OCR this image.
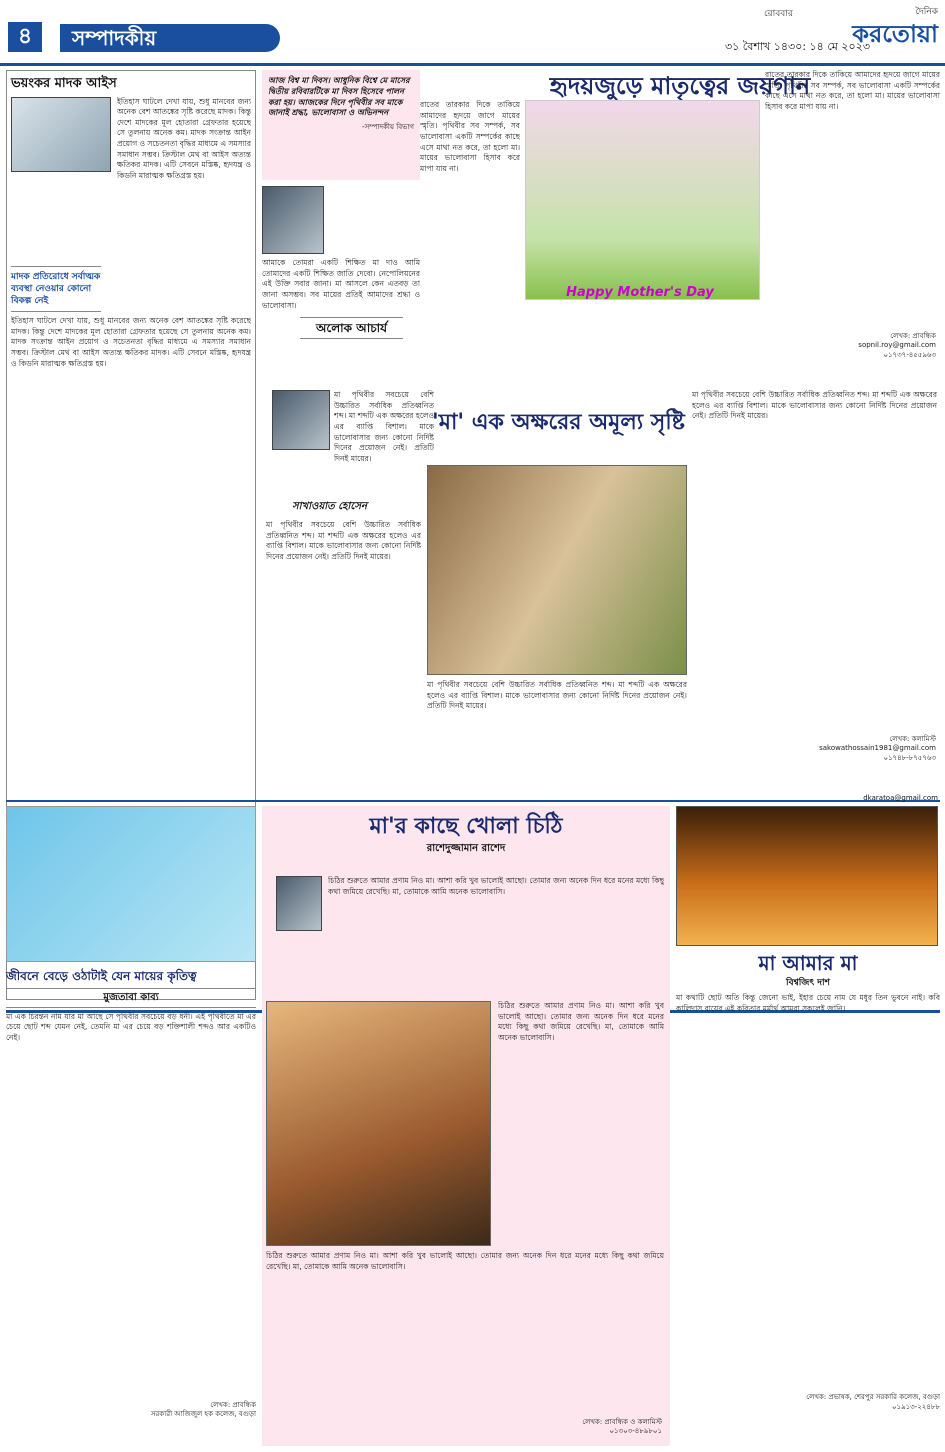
৪	সম্পাদকীয়
রোববার
৩১ বৈশাখ ১৪৩০: ১৪ মে ২০২৩
দৈনিক
করতোয়া
ভয়ংকর মাদক আইস
ইতিহাস ঘাটলে দেখা যায়, শুধু মানবের জন্য অনেক বেশ আতঙ্কের সৃষ্টি করেছে মাদক। কিন্তু দেশে মাদকের মূল হোতারা গ্রেফতার হয়েছে সে তুলনায় অনেক কম। মাদক সংক্রান্ত আইন প্রয়োগ ও সচেতনতা বৃদ্ধির মাধ্যমে এ সমস্যার সমাধান সম্ভব। ক্রিস্টাল মেথ বা আইস অত্যন্ত ক্ষতিকর মাদক। এটি সেবনে মস্তিষ্ক, হৃদযন্ত্র ও কিডনি মারাত্মক ক্ষতিগ্রস্ত হয়।
মাদক প্রতিরোধে সর্বাত্মক ব্যবস্থা নেওয়ার কোনো বিকল্প নেই
ইতিহাস ঘাটলে দেখা যায়, শুধু মানবের জন্য অনেক বেশ আতঙ্কের সৃষ্টি করেছে মাদক। কিন্তু দেশে মাদকের মূল হোতারা গ্রেফতার হয়েছে সে তুলনায় অনেক কম। মাদক সংক্রান্ত আইন প্রয়োগ ও সচেতনতা বৃদ্ধির মাধ্যমে এ সমস্যার সমাধান সম্ভব। ক্রিস্টাল মেথ বা আইস অত্যন্ত ক্ষতিকর মাদক। এটি সেবনে মস্তিষ্ক, হৃদযন্ত্র ও কিডনি মারাত্মক ক্ষতিগ্রস্ত হয়।
আজ বিশ্ব মা দিবস। আধুনিক বিশ্বে মে মাসের দ্বিতীয় রবিবারটিকে মা দিবস হিসেবে পালন করা হয়। আজকের দিনে পৃথিবীর সব মাকে জানাই শ্রদ্ধা, ভালোবাসা ও অভিনন্দন
-সম্পাদকীয় বিভাগ
আমাকে তোমরা একটি শিক্ষিত মা দাও আমি তোমাদের একটি শিক্ষিত জাতি দেবো। নেপোলিয়নের এই উক্তি সবার জানা। মা আসলে কেন এতবড় তা জানা অসম্ভব। সব মায়ের প্রতিই আমাদের শ্রদ্ধা ও ভালোবাসা।
অলোক আচার্য
হৃদয়জুড়ে মাতৃত্বের জয়গান
রাতের তারকার দিকে তাকিয়ে আমাদের হৃদয়ে জাগে মায়ের স্মৃতি। পৃথিবীর সব সম্পর্ক, সব ভালোবাসা একটি সম্পর্কের কাছে এসে মাথা নত করে, তা হলো মা। মায়ের ভালোবাসা হিসাব করে মাপা যায় না।
Happy Mother's Day
রাতের তারকার দিকে তাকিয়ে আমাদের হৃদয়ে জাগে মায়ের স্মৃতি। পৃথিবীর সব সম্পর্ক, সব ভালোবাসা একটি সম্পর্কের কাছে এসে মাথা নত করে, তা হলো মা। মায়ের ভালোবাসা হিসাব করে মাপা যায় না।
লেখক: প্রাবন্ধিক
sopnil.roy@gmail.com
০১৭৩৭-৪৫৫৯৬৩
মা পৃথিবীর সবচেয়ে বেশি উচ্চারিত সর্বাধিক প্রতিধ্বনিত শব্দ। মা শব্দটি এক অক্ষরের হলেও এর ব্যাপ্তি বিশাল। মাকে ভালোবাসার জন্য কোনো নির্দিষ্ট দিনের প্রয়োজন নেই। প্রতিটি দিনই মায়ের।
সাখাওয়াত হোসেন
মা পৃথিবীর সবচেয়ে বেশি উচ্চারিত সর্বাধিক প্রতিধ্বনিত শব্দ। মা শব্দটি এক অক্ষরের হলেও এর ব্যাপ্তি বিশাল। মাকে ভালোবাসার জন্য কোনো নির্দিষ্ট দিনের প্রয়োজন নেই। প্রতিটি দিনই মায়ের।
'মা' এক অক্ষরের অমূল্য সৃষ্টি
মা পৃথিবীর সবচেয়ে বেশি উচ্চারিত সর্বাধিক প্রতিধ্বনিত শব্দ। মা শব্দটি এক অক্ষরের হলেও এর ব্যাপ্তি বিশাল। মাকে ভালোবাসার জন্য কোনো নির্দিষ্ট দিনের প্রয়োজন নেই। প্রতিটি দিনই মায়ের।
মা পৃথিবীর সবচেয়ে বেশি উচ্চারিত সর্বাধিক প্রতিধ্বনিত শব্দ। মা শব্দটি এক অক্ষরের হলেও এর ব্যাপ্তি বিশাল। মাকে ভালোবাসার জন্য কোনো নির্দিষ্ট দিনের প্রয়োজন নেই। প্রতিটি দিনই মায়ের।
লেখক: কলামিস্ট
sakowathossain1981@gmail.com
০১৭৪৮-৮৭৫৭৬৩
জীবনে বেড়ে ওঠাটাই যেন মায়ের কৃতিত্ব
মুজতাবা কাব্য
মা এক চিরন্তন নাম যার মা আছে সে পৃথিবীর সবচেয়ে বড় ধনী। এই পৃথিবীতে মা এর চেয়ে ছোট শব্দ যেমন নেই, তেমনি মা এর চেয়ে বড় শক্তিশালী শব্দও আর একটিও নেই।
লেখক: প্রাবন্ধিক
সরকারী আজিজুল হক কলেজ, বগুড়া
মা'র কাছে খোলা চিঠি
রাশেদুজ্জামান রাশেদ
চিঠির শুরুতে আমার প্রণাম নিও মা। আশা করি খুব ভালোই আছো। তোমার জন্য অনেক দিন ধরে মনের মধ্যে কিছু কথা জমিয়ে রেখেছি। মা, তোমাকে আমি অনেক ভালোবাসি।
চিঠির শুরুতে আমার প্রণাম নিও মা। আশা করি খুব ভালোই আছো। তোমার জন্য অনেক দিন ধরে মনের মধ্যে কিছু কথা জমিয়ে রেখেছি। মা, তোমাকে আমি অনেক ভালোবাসি।
চিঠির শুরুতে আমার প্রণাম নিও মা। আশা করি খুব ভালোই আছো। তোমার জন্য অনেক দিন ধরে মনের মধ্যে কিছু কথা জমিয়ে রেখেছি। মা, তোমাকে আমি অনেক ভালোবাসি।
লেখক: প্রাবন্ধিক ও কলামিস্ট
০১৩০৩-৪৮৯৮০১
dkaratoa@gmail.com
মা আমার মা
বিশ্বজিৎ দাশ
মা কথাটি ছোট অতি কিন্তু জেনো ভাই, ইহার চেয়ে নাম যে মধুর তিন ভুবনে নাই। কবি কালিদাস রায়ের এই কবিতার মর্মার্থ আমরা সকলেই জানি।
লেখক: প্রভাষক, শেরপুর সরকারি কলেজ, বগুড়া
০১৯১৩-২২৪৮৮
